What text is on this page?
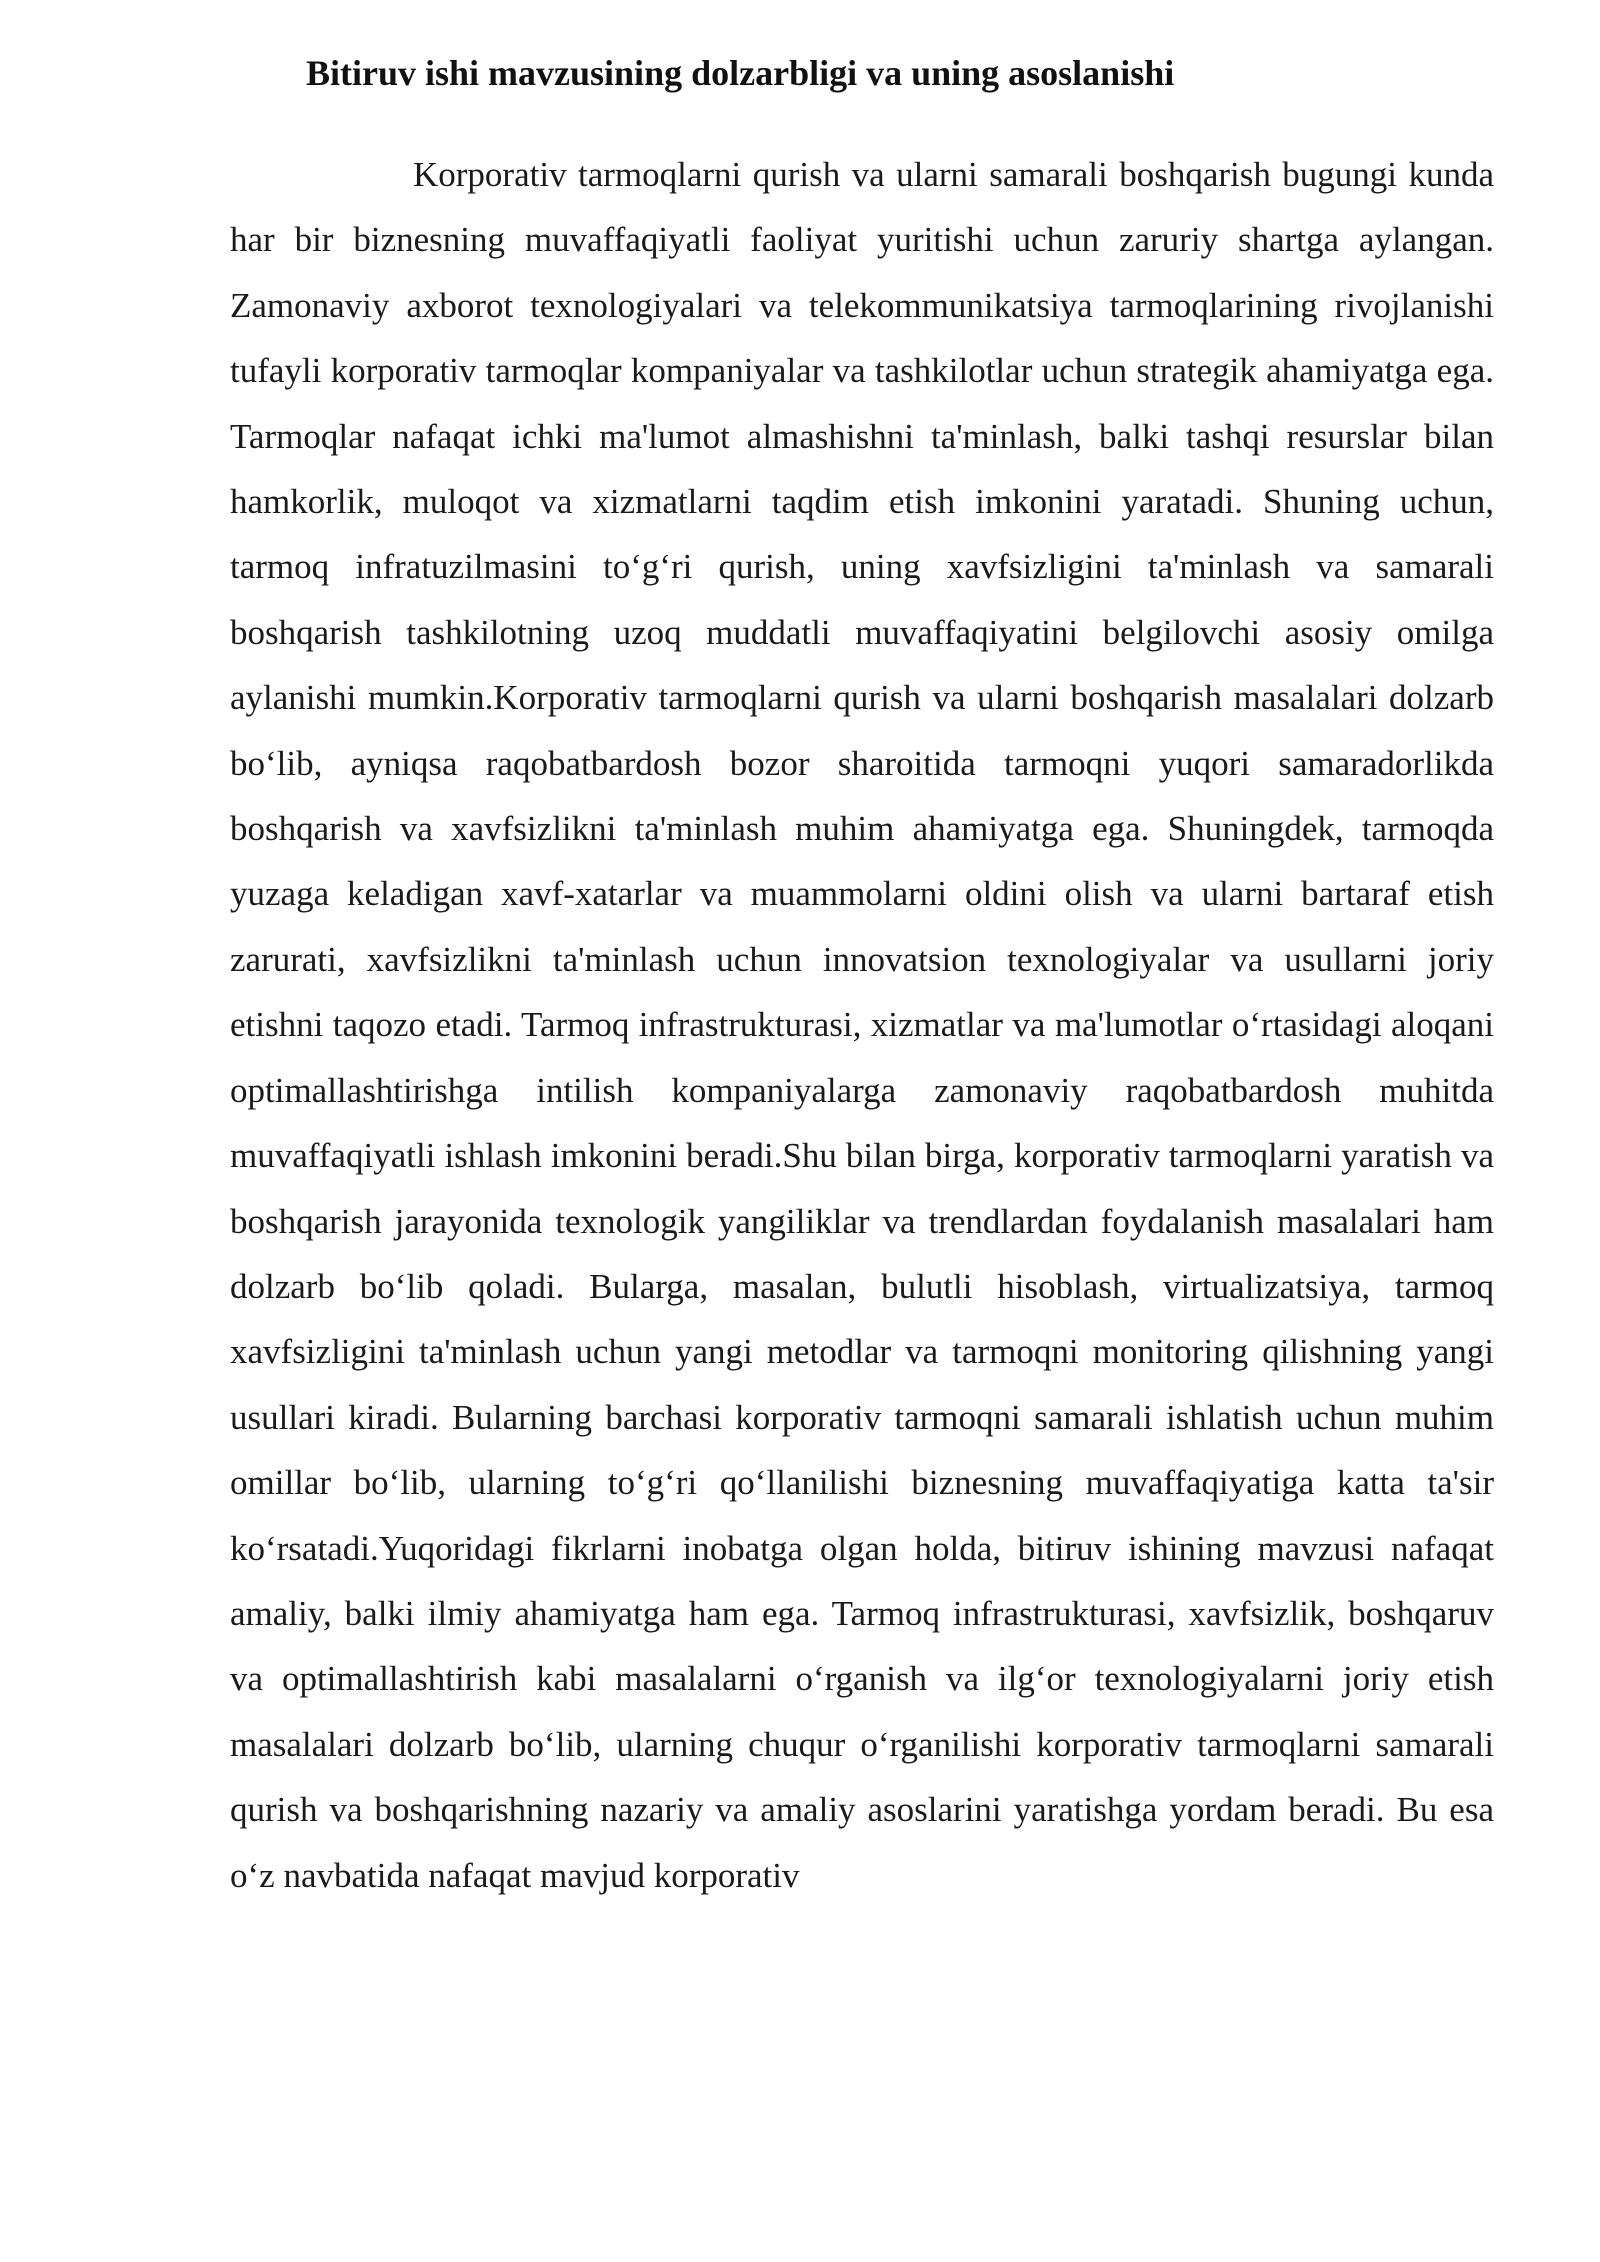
Bitiruv ishi mavzusining dolzarbligi va uning asoslanishi

Korporativ tarmoqlarni qurish va ularni samarali boshqarish bugungi kunda har bir biznesning muvaffaqiyatli faoliyat yuritishi uchun zaruriy shartga aylangan. Zamonaviy axborot texnologiyalari va telekommunikatsiya tarmoqlarining rivojlanishi tufayli korporativ tarmoqlar kompaniyalar va tashkilotlar uchun strategik ahamiyatga ega. Tarmoqlar nafaqat ichki ma'lumot almashishni ta'minlash, balki tashqi resurslar bilan hamkorlik, muloqot va xizmatlarni taqdim etish imkonini yaratadi. Shuning uchun, tarmoq infratuzilmasini to‘g‘ri qurish, uning xavfsizligini ta'minlash va samarali boshqarish tashkilotning uzoq muddatli muvaffaqiyatini belgilovchi asosiy omilga aylanishi mumkin.Korporativ tarmoqlarni qurish va ularni boshqarish masalalari dolzarb bo‘lib, ayniqsa raqobatbardosh bozor sharoitida tarmoqni yuqori samaradorlikda boshqarish va xavfsizlikni ta'minlash muhim ahamiyatga ega. Shuningdek, tarmoqda yuzaga keladigan xavf-xatarlar va muammolarni oldini olish va ularni bartaraf etish zarurati, xavfsizlikni ta'minlash uchun innovatsion texnologiyalar va usullarni joriy etishni taqozo etadi. Tarmoq infrastrukturasi, xizmatlar va ma'lumotlar o‘rtasidagi aloqani optimallashtirishga intilish kompaniyalarga zamonaviy raqobatbardosh muhitda muvaffaqiyatli ishlash imkonini beradi.Shu bilan birga, korporativ tarmoqlarni yaratish va boshqarish jarayonida texnologik yangiliklar va trendlardan foydalanish masalalari ham dolzarb bo‘lib qoladi. Bularga, masalan, bulutli hisoblash, virtualizatsiya, tarmoq xavfsizligini ta'minlash uchun yangi metodlar va tarmoqni monitoring qilishning yangi usullari kiradi. Bularning barchasi korporativ tarmoqni samarali ishlatish uchun muhim omillar bo‘lib, ularning to‘g‘ri qo‘llanilishi biznesning muvaffaqiyatiga katta ta'sir ko‘rsatadi.Yuqoridagi fikrlarni inobatga olgan holda, bitiruv ishining mavzusi nafaqat amaliy, balki ilmiy ahamiyatga ham ega. Tarmoq infrastrukturasi, xavfsizlik, boshqaruv va optimallashtirish kabi masalalarni o‘rganish va ilg‘or texnologiyalarni joriy etish masalalari dolzarb bo‘lib, ularning chuqur o‘rganilishi korporativ tarmoqlarni samarali qurish va boshqarishning nazariy va amaliy asoslarini yaratishga yordam beradi. Bu esa o‘z navbatida nafaqat mavjud korporativ
